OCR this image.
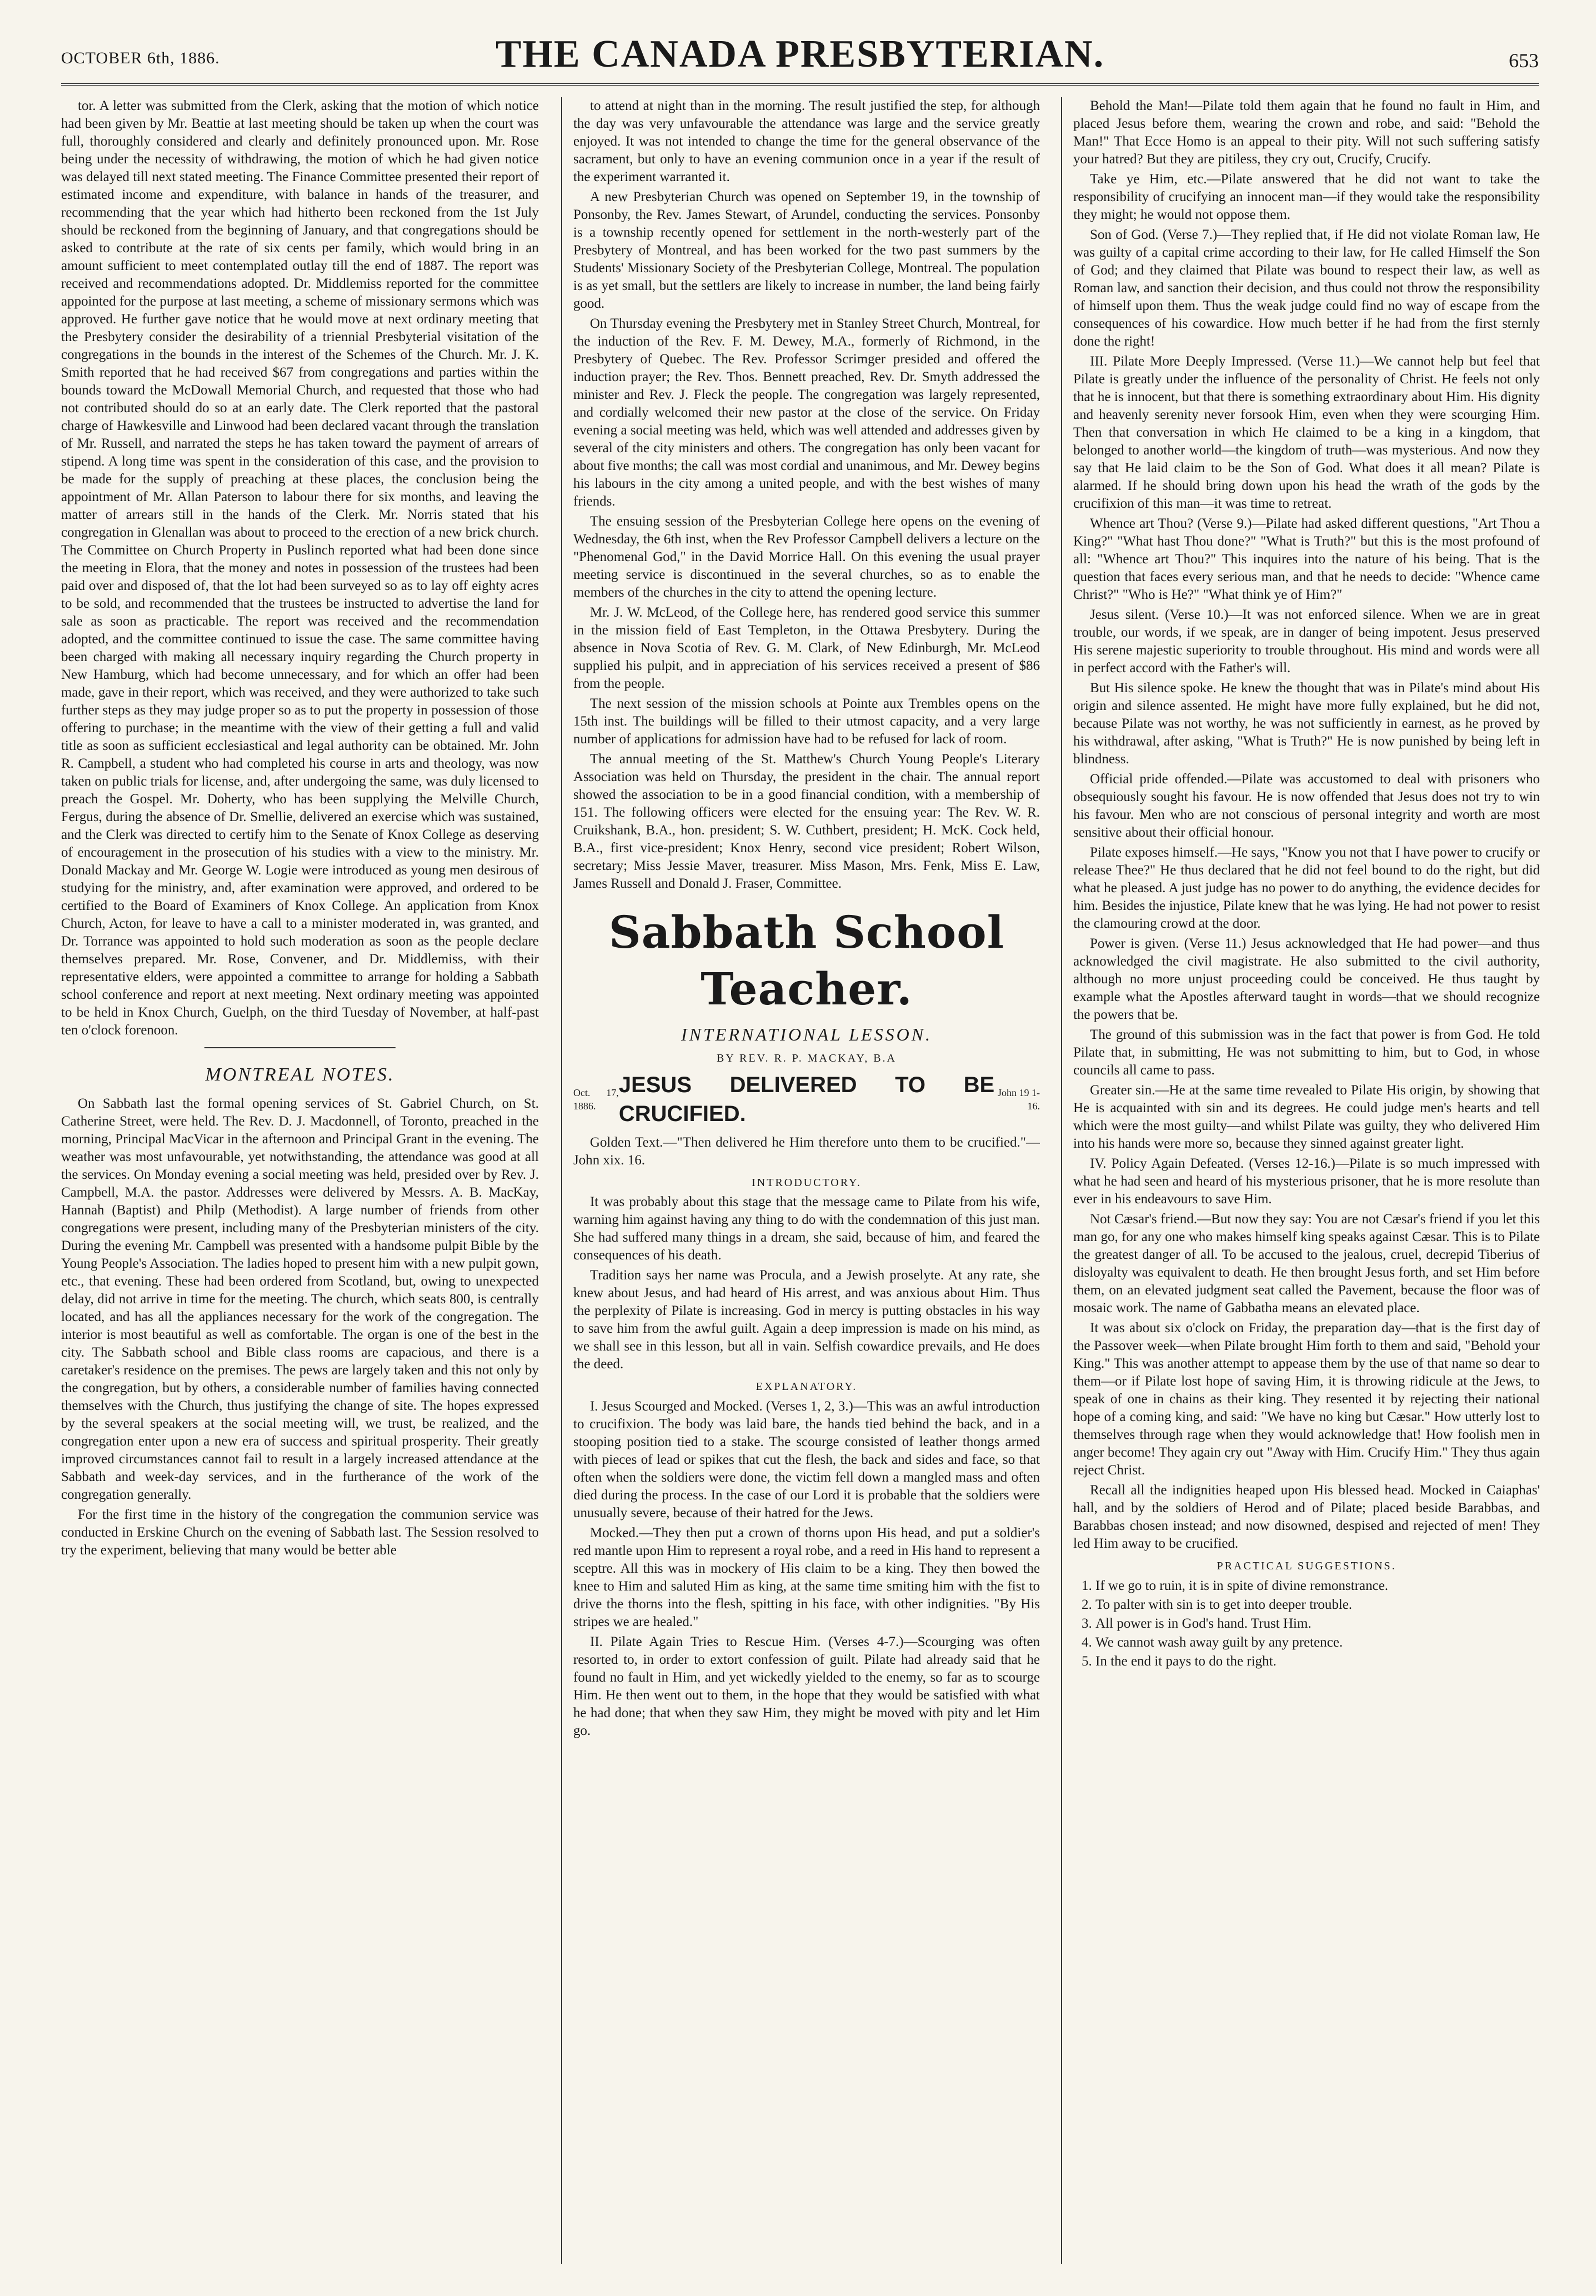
OCTOBER 6th, 1886.	THE CANADA PRESBYTERIAN.	653

tor. A letter was submitted from the Clerk, asking that the motion of which notice had been given by Mr. Beattie at last meeting should be taken up when the court was full, thoroughly considered and clearly and definitely pronounced upon. Mr. Rose being under the necessity of withdrawing, the motion of which he had given notice was delayed till next stated meeting. The Finance Committee presented their report of estimated income and expenditure, with balance in hands of the treasurer, and recommending that the year which had hitherto been reckoned from the 1st July should be reckoned from the beginning of January, and that congregations should be asked to contribute at the rate of six cents per family, which would bring in an amount sufficient to meet contemplated outlay till the end of 1887. The report was received and recommendations adopted. Dr. Middlemiss reported for the committee appointed for the purpose at last meeting, a scheme of missionary sermons which was approved. He further gave notice that he would move at next ordinary meeting that the Presbytery consider the desirability of a triennial Presbyterial visitation of the congregations in the bounds in the interest of the Schemes of the Church. Mr. J. K. Smith reported that he had received $67 from congregations and parties within the bounds toward the McDowall Memorial Church, and requested that those who had not contributed should do so at an early date. The Clerk reported that the pastoral charge of Hawkesville and Linwood had been declared vacant through the translation of Mr. Russell, and narrated the steps he has taken toward the payment of arrears of stipend. A long time was spent in the consideration of this case, and the provision to be made for the supply of preaching at these places, the conclusion being the appointment of Mr. Allan Paterson to labour there for six months, and leaving the matter of arrears still in the hands of the Clerk. Mr. Norris stated that his congregation in Glenallan was about to proceed to the erection of a new brick church. The Committee on Church Property in Puslinch reported what had been done since the meeting in Elora, that the money and notes in possession of the trustees had been paid over and disposed of, that the lot had been surveyed so as to lay off eighty acres to be sold, and recommended that the trustees be instructed to advertise the land for sale as soon as practicable. The report was received and the recommendation adopted, and the committee continued to issue the case. The same committee having been charged with making all necessary inquiry regarding the Church property in New Hamburg, which had become unnecessary, and for which an offer had been made, gave in their report, which was received, and they were authorized to take such further steps as they may judge proper so as to put the property in possession of those offering to purchase; in the meantime with the view of their getting a full and valid title as soon as sufficient ecclesiastical and legal authority can be obtained. Mr. John R. Campbell, a student who had completed his course in arts and theology, was now taken on public trials for license, and, after undergoing the same, was duly licensed to preach the Gospel. Mr. Doherty, who has been supplying the Melville Church, Fergus, during the absence of Dr. Smellie, delivered an exercise which was sustained, and the Clerk was directed to certify him to the Senate of Knox College as deserving of encouragement in the prosecution of his studies with a view to the ministry. Mr. Donald Mackay and Mr. George W. Logie were introduced as young men desirous of studying for the ministry, and, after examination were approved, and ordered to be certified to the Board of Examiners of Knox College. An application from Knox Church, Acton, for leave to have a call to a minister moderated in, was granted, and Dr. Torrance was appointed to hold such moderation as soon as the people declare themselves prepared. Mr. Rose, Convener, and Dr. Middlemiss, with their representative elders, were appointed a committee to arrange for holding a Sabbath school conference and report at next meeting. Next ordinary meeting was appointed to be held in Knox Church, Guelph, on the third Tuesday of November, at half-past ten o'clock forenoon.

MONTREAL NOTES.

On Sabbath last the formal opening services of St. Gabriel Church, on St. Catherine Street, were held. The Rev. D. J. Macdonnell, of Toronto, preached in the morning, Principal MacVicar in the afternoon and Principal Grant in the evening. The weather was most unfavourable, yet notwithstanding, the attendance was good at all the services. On Monday evening a social meeting was held, presided over by Rev. J. Campbell, M.A. the pastor. Addresses were delivered by Messrs. A. B. MacKay, Hannah (Baptist) and Philp (Methodist). A large number of friends from other congregations were present, including many of the Presbyterian ministers of the city. During the evening Mr. Campbell was presented with a handsome pulpit Bible by the Young People's Association. The ladies hoped to present him with a new pulpit gown, etc., that evening. These had been ordered from Scotland, but, owing to unexpected delay, did not arrive in time for the meeting. The church, which seats 800, is centrally located, and has all the appliances necessary for the work of the congregation. The interior is most beautiful as well as comfortable. The organ is one of the best in the city. The Sabbath school and Bible class rooms are capacious, and there is a caretaker's residence on the premises. The pews are largely taken and this not only by the congregation, but by others, a considerable number of families having connected themselves with the Church, thus justifying the change of site. The hopes expressed by the several speakers at the social meeting will, we trust, be realized, and the congregation enter upon a new era of success and spiritual prosperity. Their greatly improved circumstances cannot fail to result in a largely increased attendance at the Sabbath and week-day services, and in the furtherance of the work of the congregation generally.

For the first time in the history of the congregation the communion service was conducted in Erskine Church on the evening of Sabbath last. The Session resolved to try the experiment, believing that many would be better able

to attend at night than in the morning. The result justified the step, for although the day was very unfavourable the attendance was large and the service greatly enjoyed. It was not intended to change the time for the general observance of the sacrament, but only to have an evening communion once in a year if the result of the experiment warranted it.

A new Presbyterian Church was opened on September 19, in the township of Ponsonby, the Rev. James Stewart, of Arundel, conducting the services. Ponsonby is a township recently opened for settlement in the north-westerly part of the Presbytery of Montreal, and has been worked for the two past summers by the Students' Missionary Society of the Presbyterian College, Montreal. The population is as yet small, but the settlers are likely to increase in number, the land being fairly good.

On Thursday evening the Presbytery met in Stanley Street Church, Montreal, for the induction of the Rev. F. M. Dewey, M.A., formerly of Richmond, in the Presbytery of Quebec. The Rev. Professor Scrimger presided and offered the induction prayer; the Rev. Thos. Bennett preached, Rev. Dr. Smyth addressed the minister and Rev. J. Fleck the people. The congregation was largely represented, and cordially welcomed their new pastor at the close of the service. On Friday evening a social meeting was held, which was well attended and addresses given by several of the city ministers and others. The congregation has only been vacant for about five months; the call was most cordial and unanimous, and Mr. Dewey begins his labours in the city among a united people, and with the best wishes of many friends.

The ensuing session of the Presbyterian College here opens on the evening of Wednesday, the 6th inst, when the Rev Professor Campbell delivers a lecture on the "Phenomenal God," in the David Morrice Hall. On this evening the usual prayer meeting service is discontinued in the several churches, so as to enable the members of the churches in the city to attend the opening lecture.

Mr. J. W. McLeod, of the College here, has rendered good service this summer in the mission field of East Templeton, in the Ottawa Presbytery. During the absence in Nova Scotia of Rev. G. M. Clark, of New Edinburgh, Mr. McLeod supplied his pulpit, and in appreciation of his services received a present of $86 from the people.

The next session of the mission schools at Pointe aux Trembles opens on the 15th inst. The buildings will be filled to their utmost capacity, and a very large number of applications for admission have had to be refused for lack of room.

The annual meeting of the St. Matthew's Church Young People's Literary Association was held on Thursday, the president in the chair. The annual report showed the association to be in a good financial condition, with a membership of 151. The following officers were elected for the ensuing year: The Rev. W. R. Cruikshank, B.A., hon. president; S. W. Cuthbert, president; H. McK. Cock held, B.A., first vice-president; Knox Henry, second vice president; Robert Wilson, secretary; Miss Jessie Maver, treasurer. Miss Mason, Mrs. Fenk, Miss E. Law, James Russell and Donald J. Fraser, Committee.

Sabbath School Teacher.
INTERNATIONAL LESSON.
BY REV. R. P. MACKAY, B.A
Oct. 17, 1886.
JESUS DELIVERED TO BE CRUCIFIED.
John 19 1-16.

Golden Text.—"Then delivered he Him therefore unto them to be crucified."—John xix. 16.

INTRODUCTORY.

It was probably about this stage that the message came to Pilate from his wife, warning him against having any thing to do with the condemnation of this just man. She had suffered many things in a dream, she said, because of him, and feared the consequences of his death.

Tradition says her name was Procula, and a Jewish proselyte. At any rate, she knew about Jesus, and had heard of His arrest, and was anxious about Him. Thus the perplexity of Pilate is increasing. God in mercy is putting obstacles in his way to save him from the awful guilt. Again a deep impression is made on his mind, as we shall see in this lesson, but all in vain. Selfish cowardice prevails, and He does the deed.

EXPLANATORY.

I. Jesus Scourged and Mocked. (Verses 1, 2, 3.)—This was an awful introduction to crucifixion. The body was laid bare, the hands tied behind the back, and in a stooping position tied to a stake. The scourge consisted of leather thongs armed with pieces of lead or spikes that cut the flesh, the back and sides and face, so that often when the soldiers were done, the victim fell down a mangled mass and often died during the process. In the case of our Lord it is probable that the soldiers were unusually severe, because of their hatred for the Jews.

Mocked.—They then put a crown of thorns upon His head, and put a soldier's red mantle upon Him to represent a royal robe, and a reed in His hand to represent a sceptre. All this was in mockery of His claim to be a king. They then bowed the knee to Him and saluted Him as king, at the same time smiting him with the fist to drive the thorns into the flesh, spitting in his face, with other indignities. "By His stripes we are healed."

II. Pilate Again Tries to Rescue Him. (Verses 4-7.)—Scourging was often resorted to, in order to extort confession of guilt. Pilate had already said that he found no fault in Him, and yet wickedly yielded to the enemy, so far as to scourge Him. He then went out to them, in the hope that they would be satisfied with what he had done; that when they saw Him, they might be moved with pity and let Him go.

Behold the Man!—Pilate told them again that he found no fault in Him, and placed Jesus before them, wearing the crown and robe, and said: "Behold the Man!" That Ecce Homo is an appeal to their pity. Will not such suffering satisfy your hatred? But they are pitiless, they cry out, Crucify, Crucify.

Take ye Him, etc.—Pilate answered that he did not want to take the responsibility of crucifying an innocent man—if they would take the responsibility they might; he would not oppose them.

Son of God. (Verse 7.)—They replied that, if He did not violate Roman law, He was guilty of a capital crime according to their law, for He called Himself the Son of God; and they claimed that Pilate was bound to respect their law, as well as Roman law, and sanction their decision, and thus could not throw the responsibility of himself upon them. Thus the weak judge could find no way of escape from the consequences of his cowardice. How much better if he had from the first sternly done the right!

III. Pilate More Deeply Impressed. (Verse 11.)—We cannot help but feel that Pilate is greatly under the influence of the personality of Christ. He feels not only that he is innocent, but that there is something extraordinary about Him. His dignity and heavenly serenity never forsook Him, even when they were scourging Him. Then that conversation in which He claimed to be a king in a kingdom, that belonged to another world—the kingdom of truth—was mysterious. And now they say that He laid claim to be the Son of God. What does it all mean? Pilate is alarmed. If he should bring down upon his head the wrath of the gods by the crucifixion of this man—it was time to retreat.

Whence art Thou? (Verse 9.)—Pilate had asked different questions, "Art Thou a King?" "What hast Thou done?" "What is Truth?" but this is the most profound of all: "Whence art Thou?" This inquires into the nature of his being. That is the question that faces every serious man, and that he needs to decide: "Whence came Christ?" "Who is He?" "What think ye of Him?"

Jesus silent. (Verse 10.)—It was not enforced silence. When we are in great trouble, our words, if we speak, are in danger of being impotent. Jesus preserved His serene majestic superiority to trouble throughout. His mind and words were all in perfect accord with the Father's will.

But His silence spoke. He knew the thought that was in Pilate's mind about His origin and silence assented. He might have more fully explained, but he did not, because Pilate was not worthy, he was not sufficiently in earnest, as he proved by his withdrawal, after asking, "What is Truth?" He is now punished by being left in blindness.

Official pride offended.—Pilate was accustomed to deal with prisoners who obsequiously sought his favour. He is now offended that Jesus does not try to win his favour. Men who are not conscious of personal integrity and worth are most sensitive about their official honour.

Pilate exposes himself.—He says, "Know you not that I have power to crucify or release Thee?" He thus declared that he did not feel bound to do the right, but did what he pleased. A just judge has no power to do anything, the evidence decides for him. Besides the injustice, Pilate knew that he was lying. He had not power to resist the clamouring crowd at the door.

Power is given. (Verse 11.) Jesus acknowledged that He had power—and thus acknowledged the civil magistrate. He also submitted to the civil authority, although no more unjust proceeding could be conceived. He thus taught by example what the Apostles afterward taught in words—that we should recognize the powers that be.

The ground of this submission was in the fact that power is from God. He told Pilate that, in submitting, He was not submitting to him, but to God, in whose councils all came to pass.

Greater sin.—He at the same time revealed to Pilate His origin, by showing that He is acquainted with sin and its degrees. He could judge men's hearts and tell which were the most guilty—and whilst Pilate was guilty, they who delivered Him into his hands were more so, because they sinned against greater light.

IV. Policy Again Defeated. (Verses 12-16.)—Pilate is so much impressed with what he had seen and heard of his mysterious prisoner, that he is more resolute than ever in his endeavours to save Him.

Not Cæsar's friend.—But now they say: You are not Cæsar's friend if you let this man go, for any one who makes himself king speaks against Cæsar. This is to Pilate the greatest danger of all. To be accused to the jealous, cruel, decrepid Tiberius of disloyalty was equivalent to death. He then brought Jesus forth, and set Him before them, on an elevated judgment seat called the Pavement, because the floor was of mosaic work. The name of Gabbatha means an elevated place.

It was about six o'clock on Friday, the preparation day—that is the first day of the Passover week—when Pilate brought Him forth to them and said, "Behold your King." This was another attempt to appease them by the use of that name so dear to them—or if Pilate lost hope of saving Him, it is throwing ridicule at the Jews, to speak of one in chains as their king. They resented it by rejecting their national hope of a coming king, and said: "We have no king but Cæsar." How utterly lost to themselves through rage when they would acknowledge that! How foolish men in anger become! They again cry out "Away with Him. Crucify Him." They thus again reject Christ.

Recall all the indignities heaped upon His blessed head. Mocked in Caiaphas' hall, and by the soldiers of Herod and of Pilate; placed beside Barabbas, and Barabbas chosen instead; and now disowned, despised and rejected of men! They led Him away to be crucified.

PRACTICAL SUGGESTIONS.
1. If we go to ruin, it is in spite of divine remonstrance.
2. To palter with sin is to get into deeper trouble.
3. All power is in God's hand. Trust Him.
4. We cannot wash away guilt by any pretence.
5. In the end it pays to do the right.
